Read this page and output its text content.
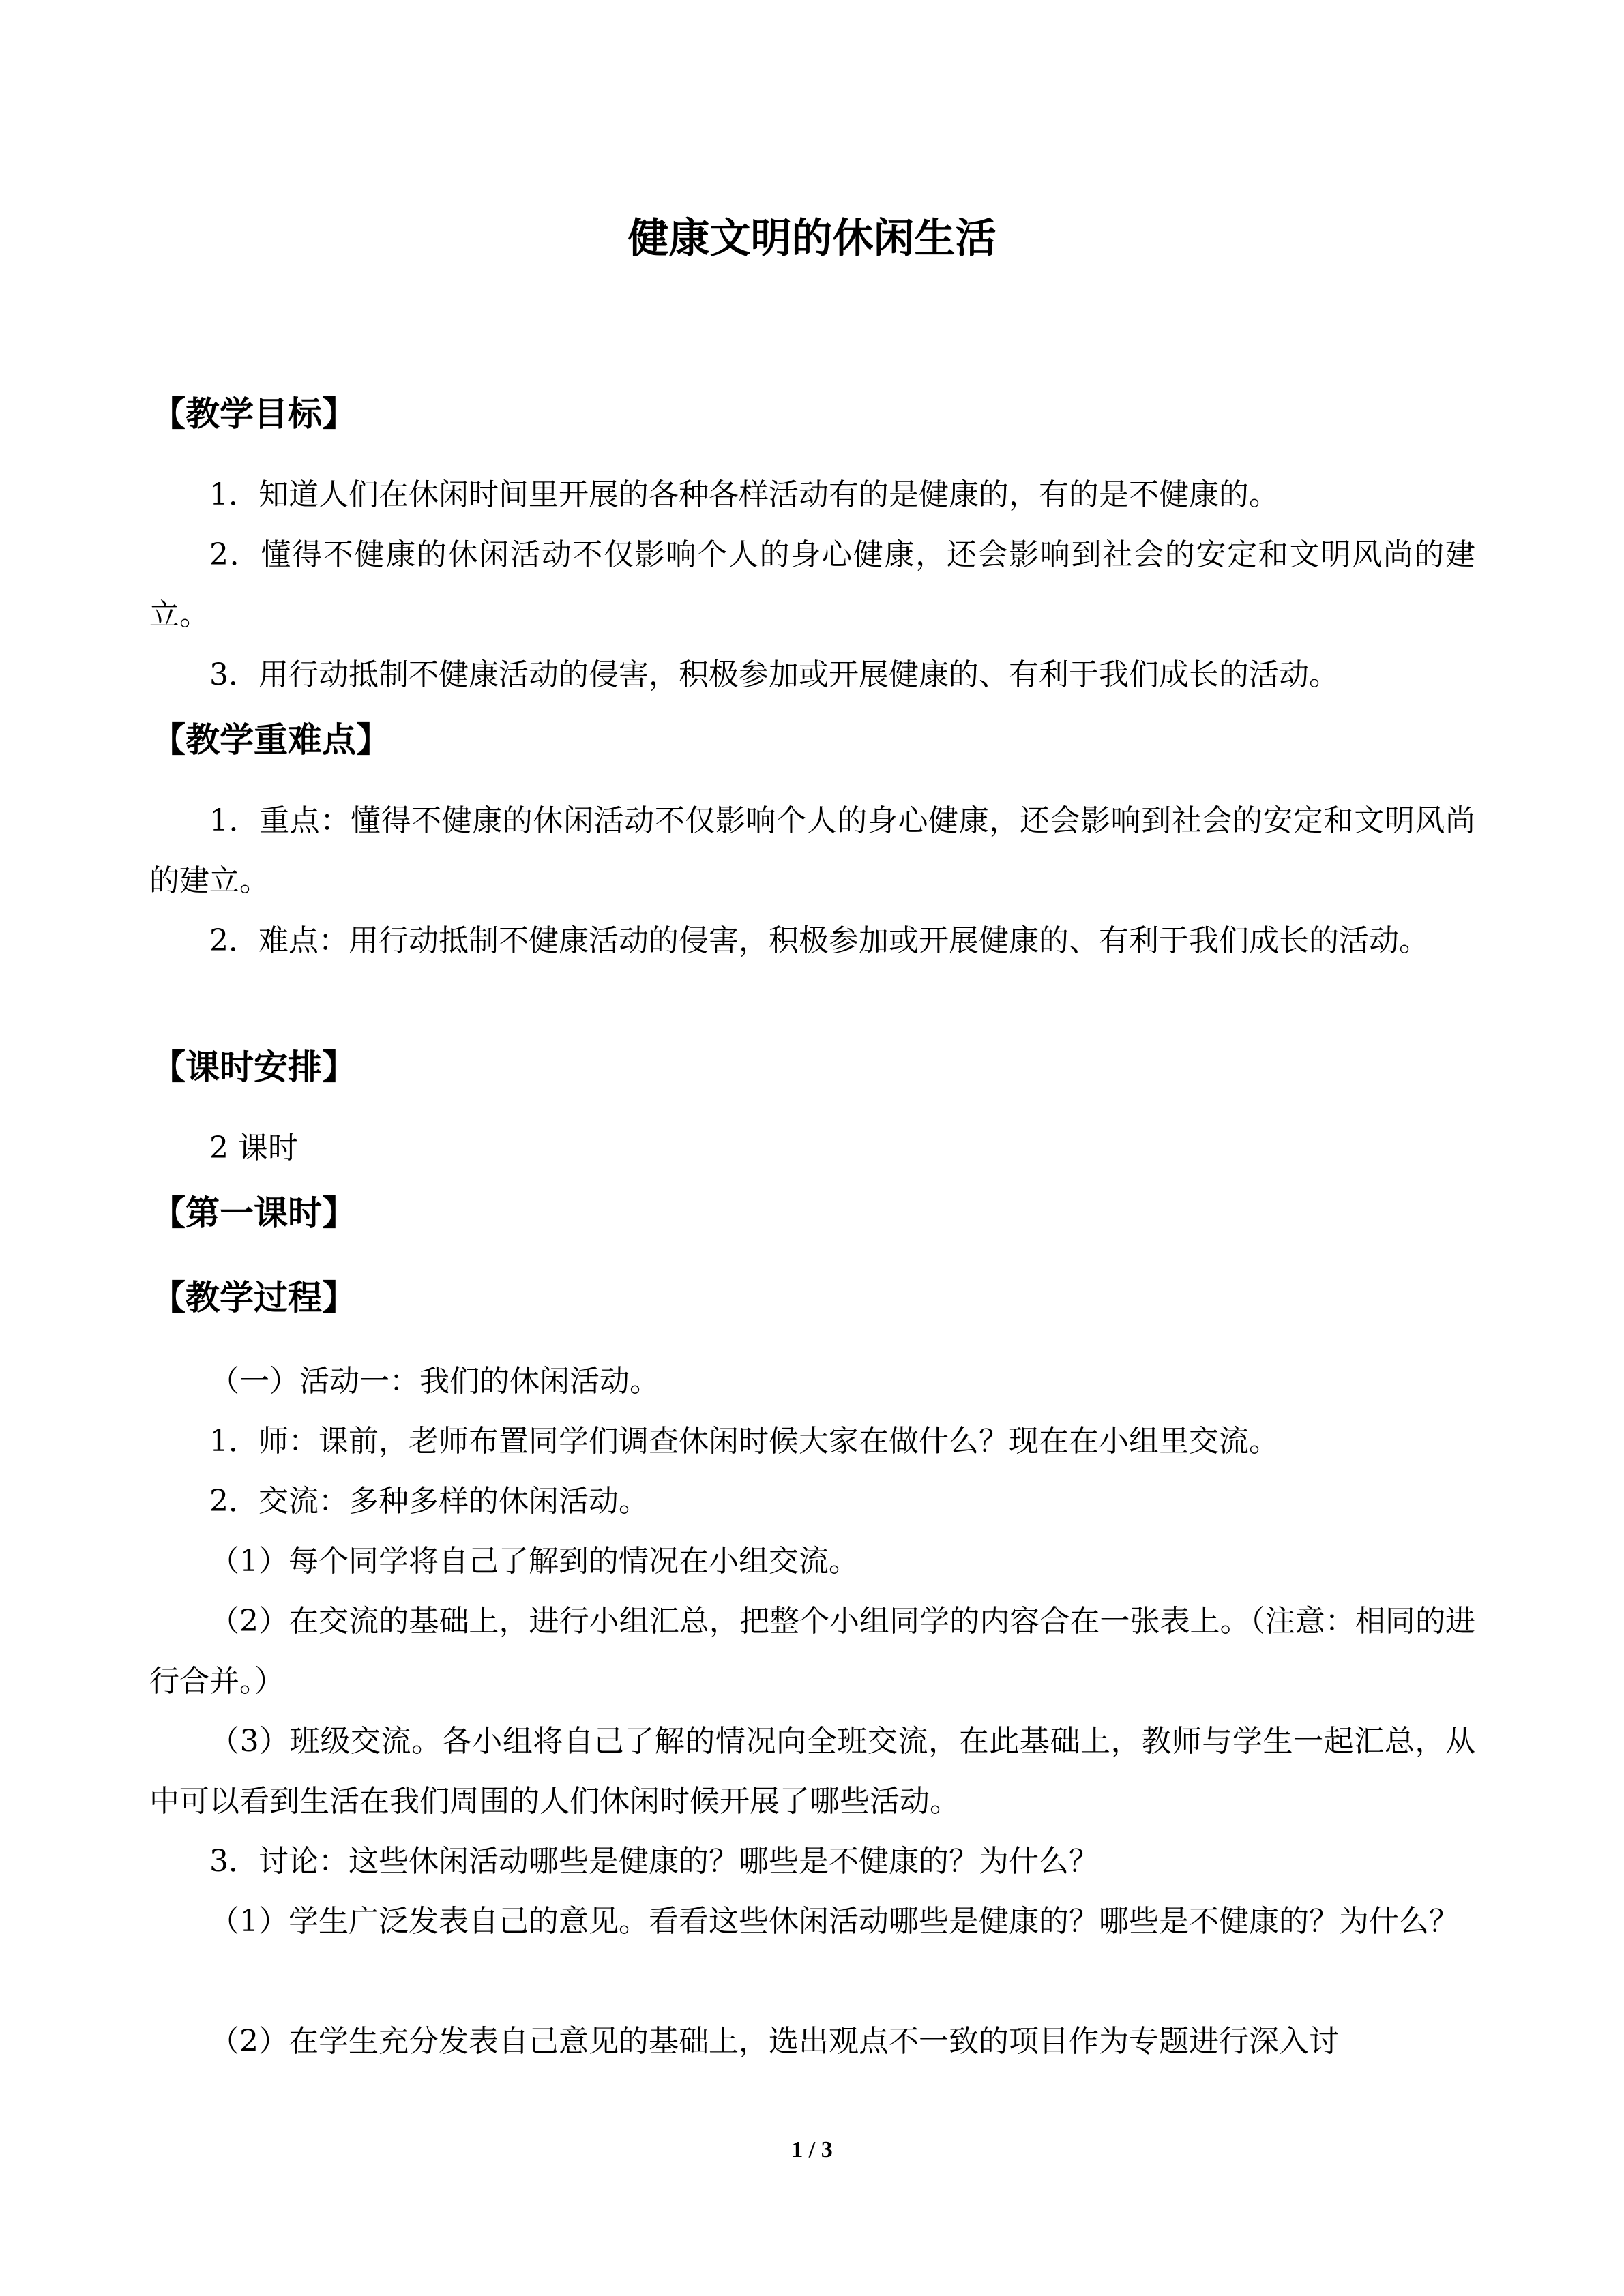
健康文明的休闲生活
【教学目标】

1．知道人们在休闲时间里开展的各种各样活动有的是健康的，有的是不健康的。

2．懂得不健康的休闲活动不仅影响个人的身心健康，还会影响到社会的安定和文明风尚的建立。

3．用行动抵制不健康活动的侵害，积极参加或开展健康的、有利于我们成长的活动。

【教学重难点】

1．重点：懂得不健康的休闲活动不仅影响个人的身心健康，还会影响到社会的安定和文明风尚的建立。

2．难点：用行动抵制不健康活动的侵害，积极参加或开展健康的、有利于我们成长的活动。

【课时安排】

2 课时

【第一课时】
【教学过程】

（一）活动一：我们的休闲活动。

1．师：课前，老师布置同学们调查休闲时候大家在做什么？现在在小组里交流。

2．交流：多种多样的休闲活动。

（1）每个同学将自己了解到的情况在小组交流。

（2）在交流的基础上，进行小组汇总，把整个小组同学的内容合在一张表上。（注意：相同的进行合并。）

（3）班级交流。各小组将自己了解的情况向全班交流，在此基础上，教师与学生一起汇总，从中可以看到生活在我们周围的人们休闲时候开展了哪些活动。

3．讨论：这些休闲活动哪些是健康的？哪些是不健康的？为什么？

（1）学生广泛发表自己的意见。看看这些休闲活动哪些是健康的？哪些是不健康的？为什么？

（2）在学生充分发表自己意见的基础上，选出观点不一致的项目作为专题进行深入讨

1 / 3
